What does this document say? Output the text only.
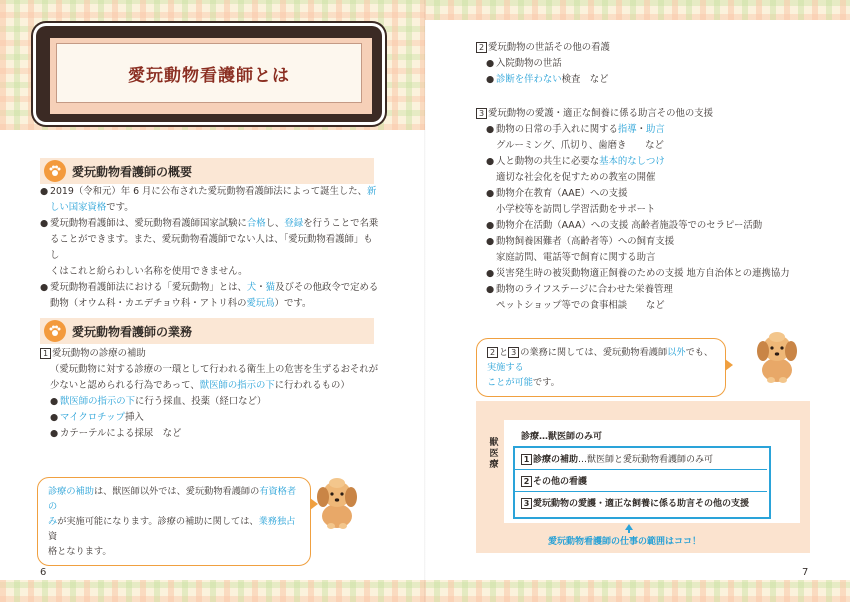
愛玩動物看護師とは
愛玩動物看護師の概要
● 2019（令和元）年 6 月に公布された愛玩動物看護師法によって誕生した、新
しい国家資格です。
● 愛玩動物看護師は、愛玩動物看護師国家試験に合格し、登録を行うことで名乗
ることができます。また、愛玩動物看護師でない人は、「愛玩動物看護師」もし
くはこれと紛らわしい名称を使用できません。
● 愛玩動物看護師法における「愛玩動物」とは、犬・猫及びその他政令で定める
動物（オウム科・カエデチョウ科・アトリ科の愛玩鳥）です。
愛玩動物看護師の業務
1 愛玩動物の診療の補助
（愛玩動物に対する診療の一環として行われる衛生上の危害を生ずるおそれが
少ないと認められる行為であって、獣医師の指示の下に行われるもの）
● 獣医師の指示の下に行う採血、投薬（経口など）
● マイクロチップ挿入
● カテーテルによる採尿　など
診療の補助は、獣医師以外では、愛玩動物看護師の有資格者の
みが実施可能になります。診療の補助に関しては、業務独占資
格となります。
6
2 愛玩動物の世話その他の看護
● 入院動物の世話
● 診断を伴わない検査　など
3 愛玩動物の愛護・適正な飼養に係る助言その他の支援
● 動物の日常の手入れに関する指導・助言
グルーミング、爪切り、歯磨き　　など
● 人と動物の共生に必要な基本的なしつけ
適切な社会化を促すための教室の開催
● 動物介在教育（AAE）への支援
小学校等を訪問し学習活動をサポート
● 動物介在活動（AAA）への支援 高齢者施設等でのセラピー活動
● 動物飼養困難者（高齢者等）への飼育支援
家庭訪問、電話等で飼育に関する助言
● 災害発生時の被災動物適正飼養のための支援 地方自治体との連携協力
● 動物のライフステージに合わせた栄養管理
ペットショップ等での食事相談　　など
2 と 3 の業務に関しては、愛玩動物看護師以外でも、実施する
ことが可能です。
獣医療
診療…獣医師のみ可
1 診療の補助…獣医師と愛玩動物看護師のみ可
2 その他の看護
3 愛玩動物の愛護・適正な飼養に係る助言その他の支援
愛玩動物看護師の仕事の範囲はココ！
7
